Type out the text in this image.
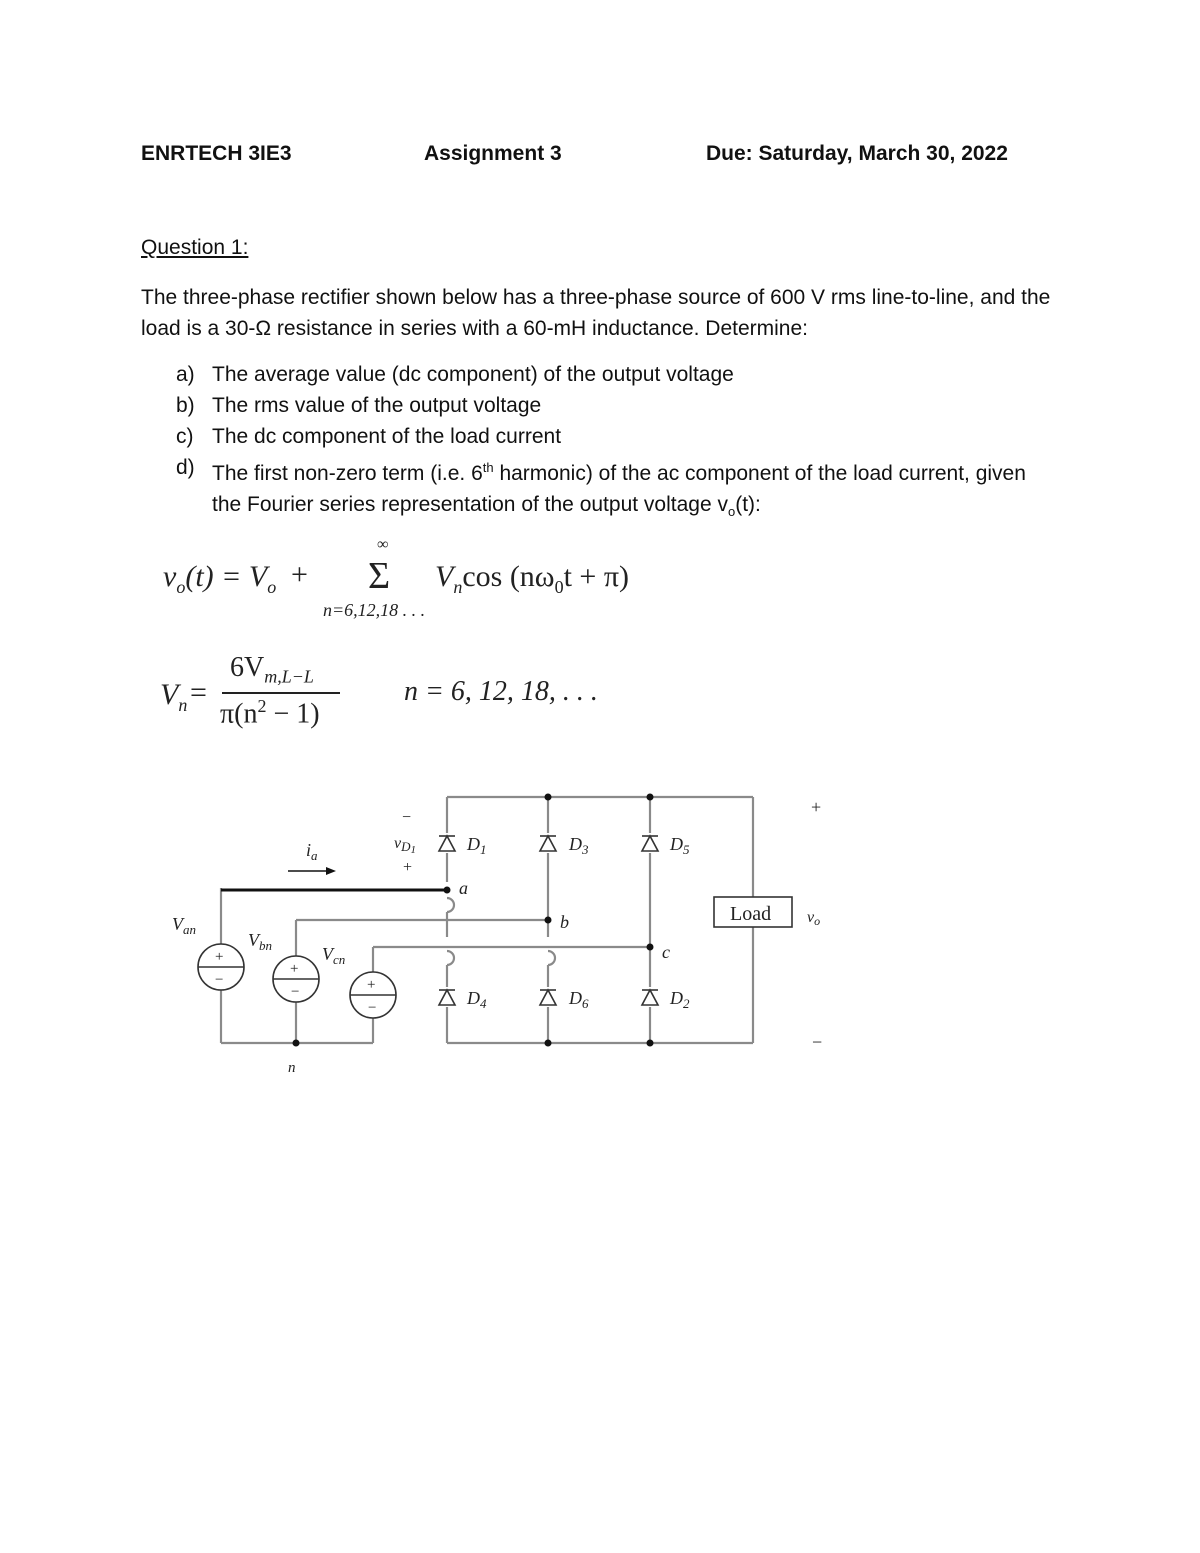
ENRTECH 3IE3	Assignment 3	Due: Saturday, March 30, 2022
Question 1:
The three-phase rectifier shown below has a three-phase source of 600 V rms line-to-line, and the load is a 30-Ω resistance in series with a 60-mH inductance. Determine:
a) The average value (dc component) of the output voltage
b) The rms value of the output voltage
c) The dc component of the load current
d) The first non-zero term (i.e. 6th harmonic) of the ac component of the load current, given the Fourier series representation of the output voltage $v_o(t)$:
$v_o(t) = V_o$ +
∞
Σ
n=6,12,18 . . .
$V_n\cos$ $(n\omega_0t + \pi)$
$V_n$ =
$6V_{m,L-L}$
$\pi(n^2 - 1)$
n = 6, 12, 18, . . .
+
−
+
−	+
−
$V_{an}$
$V_{bn}$	$V_{cn}$
n
$i_a$
−
vD1
+
$D_1$	$D_3$	$D_5$
$D_4$	$D_6$	$D_2$
a
b
c
Load vo
+
−
